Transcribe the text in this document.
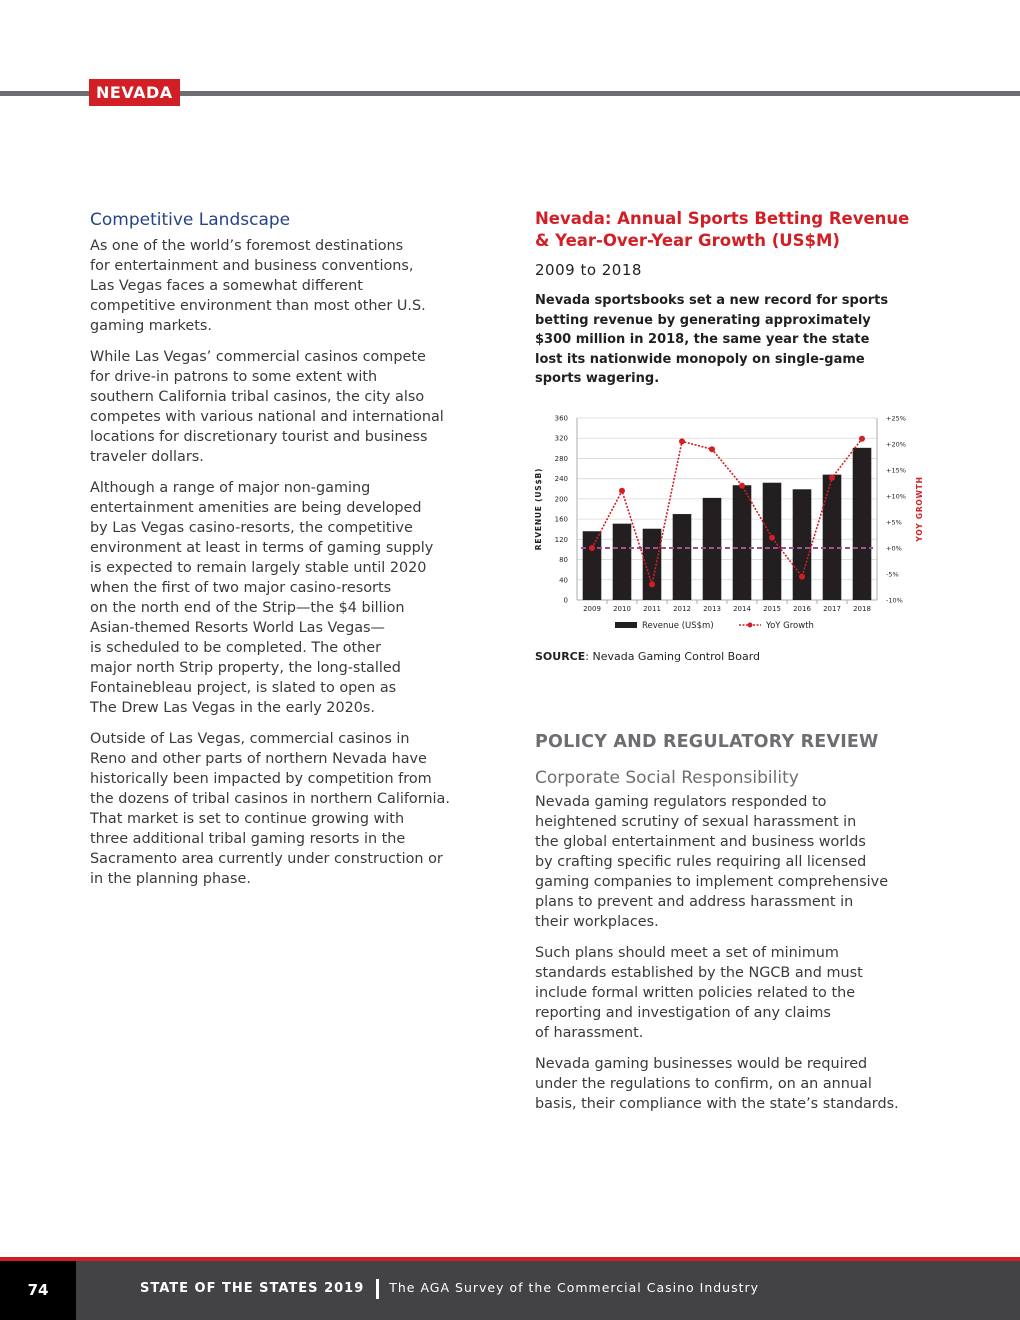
NEVADA
Competitive Landscape
As one of the world’s foremost destinations
for entertainment and business conventions,
Las Vegas faces a somewhat different
competitive environment than most other U.S.
gaming markets.
While Las Vegas’ commercial casinos compete
for drive-in patrons to some extent with
southern California tribal casinos, the city also
competes with various national and international
locations for discretionary tourist and business
traveler dollars.
Although a range of major non-gaming
entertainment amenities are being developed
by Las Vegas casino-resorts, the competitive
environment at least in terms of gaming supply
is expected to remain largely stable until 2020
when the first of two major casino-resorts
on the north end of the Strip—the $4 billion
Asian-themed Resorts World Las Vegas—
is scheduled to be completed. The other
major north Strip property, the long-stalled
Fontainebleau project, is slated to open as
The Drew Las Vegas in the early 2020s.
Outside of Las Vegas, commercial casinos in
Reno and other parts of northern Nevada have
historically been impacted by competition from
the dozens of tribal casinos in northern California.
That market is set to continue growing with
three additional tribal gaming resorts in the
Sacramento area currently under construction or
in the planning phase.
Nevada: Annual Sports Betting Revenue
& Year-Over-Year Growth (US$M)
2009 to 2018
Nevada sportsbooks set a new record for sports
betting revenue by generating approximately
$300 million in 2018, the same year the state
lost its nationwide monopoly on single-game
sports wagering.
0
40
80
120
160
200
240
280
320
360
-10%
-5%
+0%
+5%
+10%
+15%
+20%
+25%
2009 2010 2011 2012 2013 2014 2015 2016 2017 2018
REVENUE (US$B)	YOY GROWTH
Revenue (US$m)	YoY Growth
SOURCE: Nevada Gaming Control Board
POLICY AND REGULATORY REVIEW
Corporate Social Responsibility
Nevada gaming regulators responded to
heightened scrutiny of sexual harassment in
the global entertainment and business worlds
by crafting specific rules requiring all licensed
gaming companies to implement comprehensive
plans to prevent and address harassment in
their workplaces.
Such plans should meet a set of minimum
standards established by the NGCB and must
include formal written policies related to the
reporting and investigation of any claims
of harassment.
Nevada gaming businesses would be required
under the regulations to confirm, on an annual
basis, their compliance with the state’s standards.
74	STATE OF THE STATES 2019 The AGA Survey of the Commercial Casino Industry
